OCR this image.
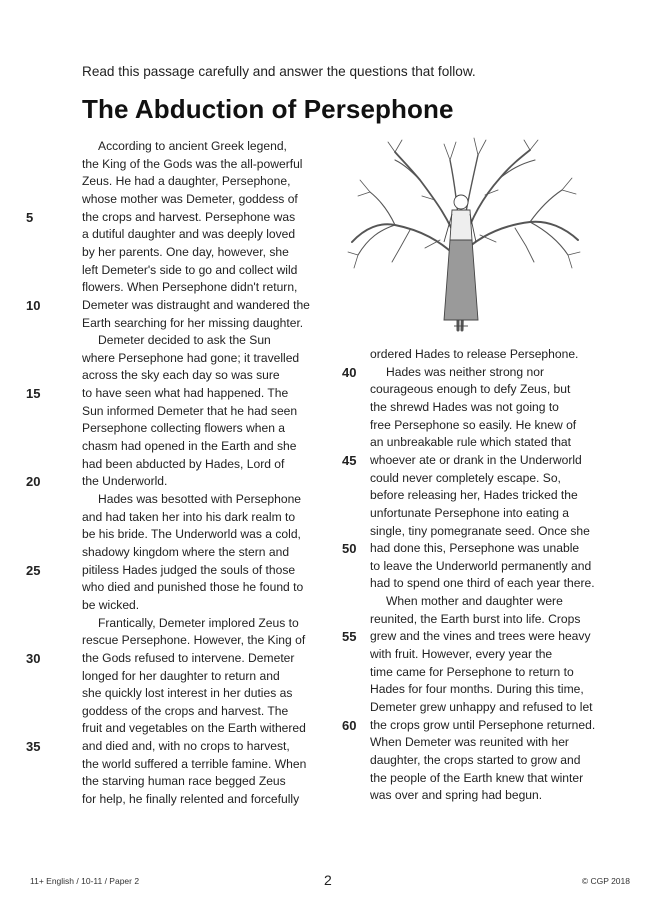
Read this passage carefully and answer the questions that follow.
The Abduction of Persephone
According to ancient Greek legend,
the King of the Gods was the all-powerful
Zeus. He had a daughter, Persephone,
whose mother was Demeter, goddess of
the crops and harvest. Persephone was
5
a dutiful daughter and was deeply loved
by her parents. One day, however, she
left Demeter's side to go and collect wild
flowers. When Persephone didn't return,
Demeter was distraught and wandered the
10
Earth searching for her missing daughter.
Demeter decided to ask the Sun
where Persephone had gone; it travelled
across the sky each day so was sure
to have seen what had happened. The
15
Sun informed Demeter that he had seen
Persephone collecting flowers when a
chasm had opened in the Earth and she
had been abducted by Hades, Lord of
the Underworld.
20
Hades was besotted with Persephone
and had taken her into his dark realm to
be his bride. The Underworld was a cold,
shadowy kingdom where the stern and
pitiless Hades judged the souls of those
25
who died and punished those he found to
be wicked.
Frantically, Demeter implored Zeus to
rescue Persephone. However, the King of
the Gods refused to intervene. Demeter
30
longed for her daughter to return and
she quickly lost interest in her duties as
goddess of the crops and harvest. The
fruit and vegetables on the Earth withered
and died and, with no crops to harvest,
35
the world suffered a terrible famine. When
the starving human race begged Zeus
for help, he finally relented and forcefully
ordered Hades to release Persephone.
Hades was neither strong nor
40
courageous enough to defy Zeus, but
the shrewd Hades was not going to
free Persephone so easily. He knew of
an unbreakable rule which stated that
whoever ate or drank in the Underworld
45
could never completely escape. So,
before releasing her, Hades tricked the
unfortunate Persephone into eating a
single, tiny pomegranate seed. Once she
had done this, Persephone was unable
50
to leave the Underworld permanently and
had to spend one third of each year there.
When mother and daughter were
reunited, the Earth burst into life. Crops
grew and the vines and trees were heavy
55
with fruit. However, every year the
time came for Persephone to return to
Hades for four months. During this time,
Demeter grew unhappy and refused to let
the crops grow until Persephone returned.
60
When Demeter was reunited with her
daughter, the crops started to grow and
the people of the Earth knew that winter
was over and spring had begun.
11+ English / 10-11 / Paper 2	2	© CGP 2018
